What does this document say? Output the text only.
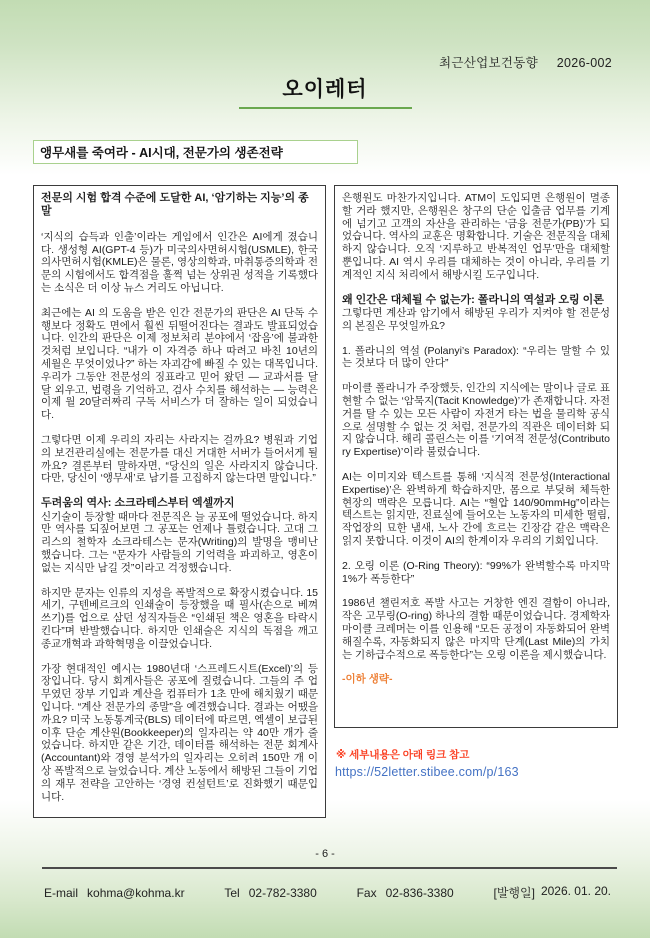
최근산업보건동향 2026-002
오이레터
앵무새를 죽여라 - AI시대, 전문가의 생존전략

전문의 시험 합격 수준에 도달한 AI, ‘암기하는 지능’의 종말

‘지식의 습득과 인출’이라는 게임에서 인간은 AI에게 졌습니다. 생성형 AI(GPT-4 등)가 미국의사면허시험(USMLE), 한국의사면허시험(KMLE)은 물론, 영상의학과, 마취통증의학과 전문의 시험에서도 합격점을 훌쩍 넘는 상위권 성적을 기록했다는 소식은 더 이상 뉴스 거리도 아닙니다.

최근에는 AI 의 도움을 받은 인간 전문가의 판단은 AI 단독 수행보다 정확도 면에서 훨씬 뒤떨어진다는 결과도 발표되었습니다. 인간의 판단은 이제 정보처리 분야에서 ‘잡음’에 불과한 것처럼 보입니다. “내가 이 자격증 하나 따려고 바친 10년의 세월은 무엇이었나?” 하는 자괴감에 빠질 수 있는 대목입니다. 우리가 그동안 전문성의 징표라고 믿어 왔던 — 교과서를 달달 외우고, 법령을 기억하고, 검사 수치를 해석하는 — 능력은 이제 월 20달러짜리 구독 서비스가 더 잘하는 일이 되었습니다.

그렇다면 이제 우리의 자리는 사라지는 걸까요? 병원과 기업의 보건관리실에는 전문가를 대신 거대한 서버가 들어서게 될까요? 결론부터 말하자면, “당신의 일은 사라지지 않습니다. 다만, 당신이 ‘앵무새’로 남기를 고집하지 않는다면 말입니다.”

두려움의 역사: 소크라테스부터 엑셀까지

신기술이 등장할 때마다 전문직은 늘 공포에 떨었습니다. 하지만 역사를 되짚어보면 그 공포는 언제나 틀렸습니다. 고대 그리스의 철학자 소크라테스는 문자(Writing)의 발명을 맹비난했습니다. 그는 “문자가 사람들의 기억력을 파괴하고, 영혼이 없는 지식만 남길 것”이라고 걱정했습니다.

하지만 문자는 인류의 지성을 폭발적으로 확장시켰습니다. 15세기, 구텐베르크의 인쇄술이 등장했을 때 필사(손으로 베껴 쓰기)를 업으로 삼던 성직자들은 “인쇄된 책은 영혼을 타락시킨다”며 반발했습니다. 하지만 인쇄술은 지식의 독점을 깨고 종교개혁과 과학혁명을 이끌었습니다.

가장 현대적인 예시는 1980년대 ‘스프레드시트(Excel)’의 등장입니다. 당시 회계사들은 공포에 질렸습니다. 그들의 주 업무였던 장부 기입과 계산을 컴퓨터가 1초 만에 해치웠기 때문입니다. “계산 전문가의 종말”을 예견했습니다. 결과는 어땠을까요? 미국 노동통계국(BLS) 데이터에 따르면, 엑셀이 보급된 이후 단순 계산원(Bookkeeper)의 일자리는 약 40만 개가 줄었습니다. 하지만 같은 기간, 데이터를 해석하는 전문 회계사(Accountant)와 경영 분석가의 일자리는 오히려 150만 개 이상 폭발적으로 늘었습니다. 계산 노동에서 해방된 그들이 기업의 재무 전략을 고안하는 ‘경영 컨설턴트’로 진화했기 때문입니다.

은행원도 마찬가지입니다. ATM이 도입되면 은행원이 멸종할 거라 했지만, 은행원은 창구의 단순 입출금 업무를 기계에 넘기고 고객의 자산을 관리하는 ‘금융 전문가(PB)’가 되었습니다. 역사의 교훈은 명확합니다. 기술은 전문직을 대체하지 않습니다. 오직 ‘지루하고 반복적인 업무’만을 대체할 뿐입니다. AI 역시 우리를 대체하는 것이 아니라, 우리를 기계적인 지식 처리에서 해방시킬 도구입니다.

왜 인간은 대체될 수 없는가: 폴라니의 역설과 오링 이론

그렇다면 계산과 암기에서 해방된 우리가 지켜야 할 전문성의 본질은 무엇일까요?

1. 폴라니의 역설 (Polanyi’s Paradox): “우리는 말할 수 있는 것보다 더 많이 안다”

마이클 폴라니가 주장했듯, 인간의 지식에는 말이나 글로 표현할 수 없는 ‘암묵지(Tacit Knowledge)’가 존재합니다. 자전거를 탈 수 있는 모든 사람이 자전거 타는 법을 물리학 공식으로 설명할 수 없는 것 처럼, 전문가의 직관은 데이터화 되지 않습니다. 해리 콜린스는 이를 ‘기여적 전문성(Contributory Expertise)’이라 불렀습니다.

AI는 이미지와 텍스트를 통해 ‘지식적 전문성(Interactional Expertise)’은 완벽하게 학습하지만, 몸으로 부딪혀 체득한 현장의 맥락은 모릅니다. AI는 “혈압 140/90mmHg”이라는 텍스트는 읽지만, 진료실에 들어오는 노동자의 미세한 떨림, 작업장의 묘한 냄새, 노사 간에 흐르는 긴장감 같은 맥락은 읽지 못합니다. 이것이 AI의 한계이자 우리의 기회입니다.

2. 오링 이론 (O-Ring Theory): “99%가 완벽할수록 마지막 1%가 폭등한다”

1986년 챌린저호 폭발 사고는 거창한 엔진 결함이 아니라, 작은 고무링(O-ring) 하나의 결함 때문이었습니다. 경제학자 마이클 크레머는 이를 인용해 “모든 공정이 자동화되어 완벽해질수록, 자동화되지 않은 마지막 단계(Last Mile)의 가치는 기하급수적으로 폭등한다”는 오링 이론을 제시했습니다.

-이하 생략-

※ 세부내용은 아래 링크 참고
https://52letter.stibee.com/p/163
- 6 -
E-mail kohma@kohma.kr	Tel 02-782-3380	Fax 02-836-3380	[발행일] 2026. 01. 20.
